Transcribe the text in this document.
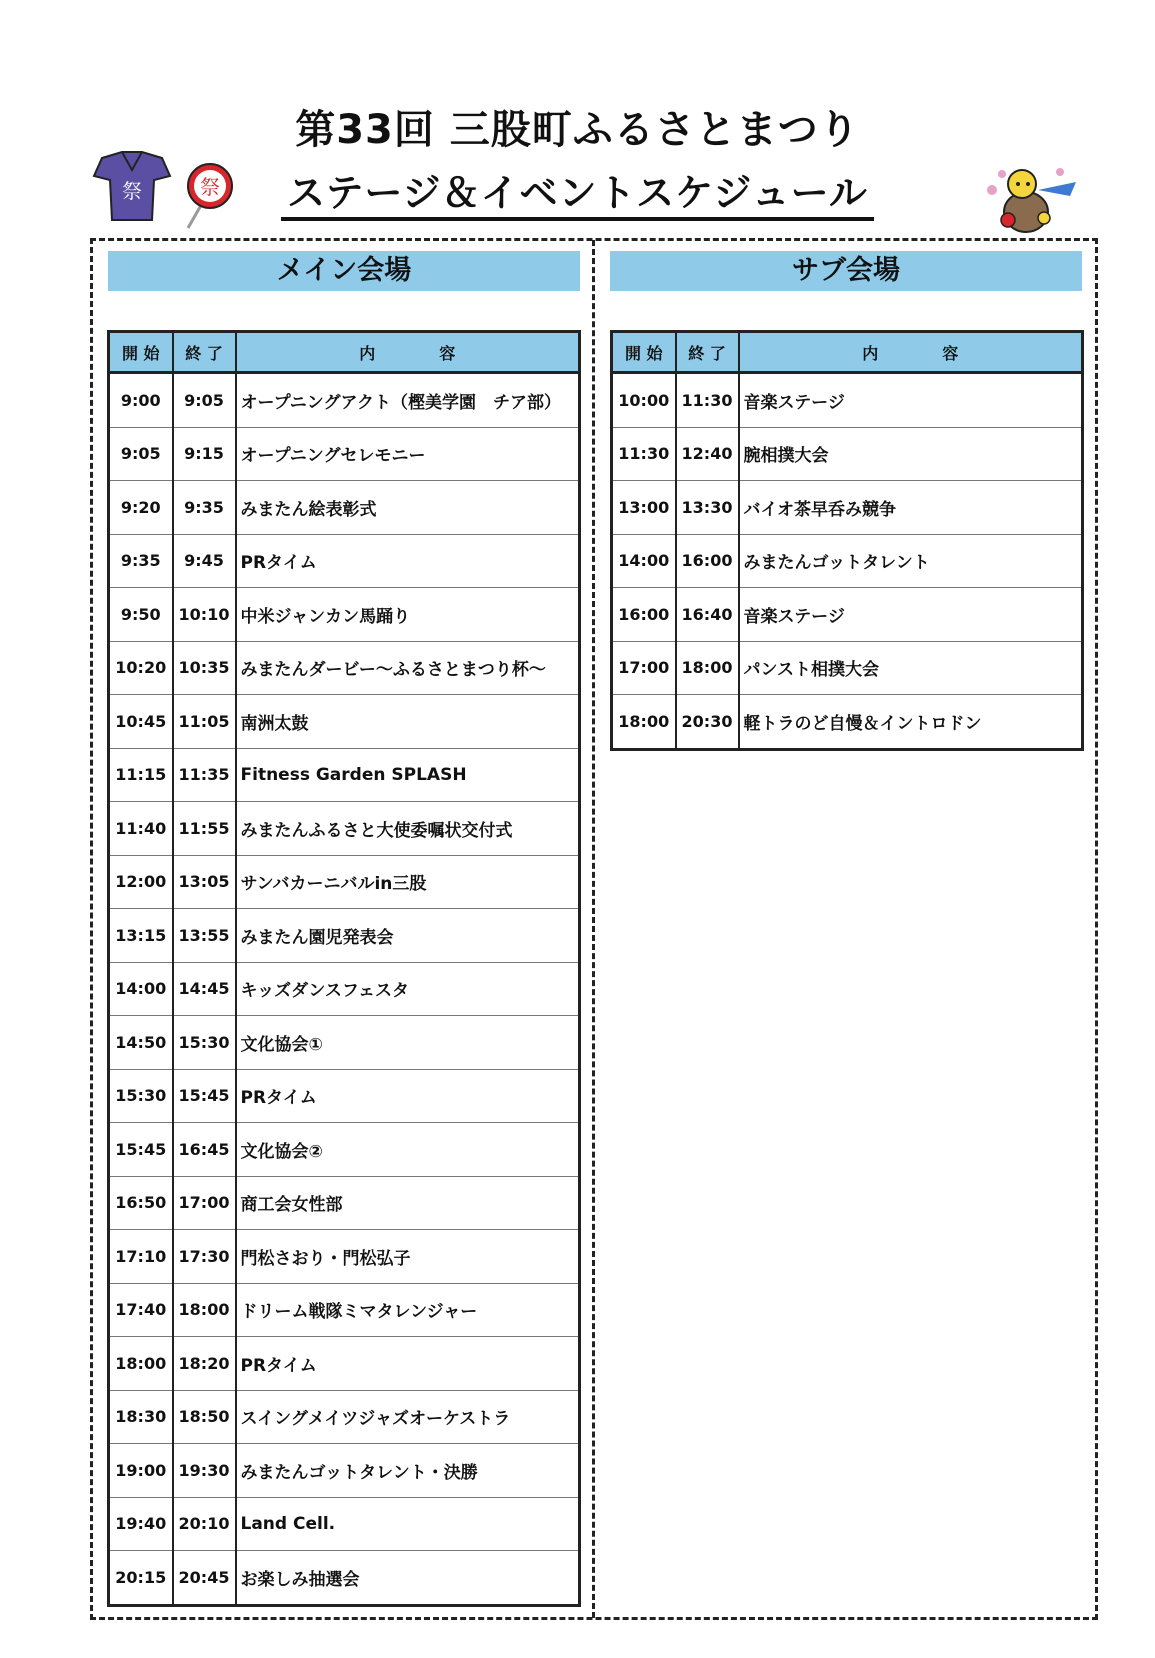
第33回 三股町ふるさとまつり
ステージ＆イベントスケジュール
祭	祭
メイン会場	サブ会場
開 始	終 了	内　　　　容
9:00	9:05	オープニングアクト（樫美学園　チア部）
9:05	9:15	オープニングセレモニー
9:20	9:35	みまたん絵表彰式
9:35	9:45	PRタイム
9:50	10:10	中米ジャンカン馬踊り
10:20	10:35	みまたんダービー～ふるさとまつり杯～
10:45	11:05	南洲太鼓
11:15	11:35	Fitness Garden SPLASH
11:40	11:55	みまたんふるさと大使委嘱状交付式
12:00	13:05	サンバカーニバルin三股
13:15	13:55	みまたん園児発表会
14:00	14:45	キッズダンスフェスタ
14:50	15:30	文化協会①
15:30	15:45	PRタイム
15:45	16:45	文化協会②
16:50	17:00	商工会女性部
17:10	17:30	門松さおり・門松弘子
17:40	18:00	ドリーム戦隊ミマタレンジャー
18:00	18:20	PRタイム
18:30	18:50	スイングメイツジャズオーケストラ
19:00	19:30	みまたんゴットタレント・決勝
19:40	20:10	Land Cell.
20:15	20:45	お楽しみ抽選会
開 始	終 了	内　　　　容
10:00	11:30	音楽ステージ
11:30	12:40	腕相撲大会
13:00	13:30	バイオ茶早呑み競争
14:00	16:00	みまたんゴットタレント
16:00	16:40	音楽ステージ
17:00	18:00	パンスト相撲大会
18:00	20:30	軽トラのど自慢＆イントロドン
